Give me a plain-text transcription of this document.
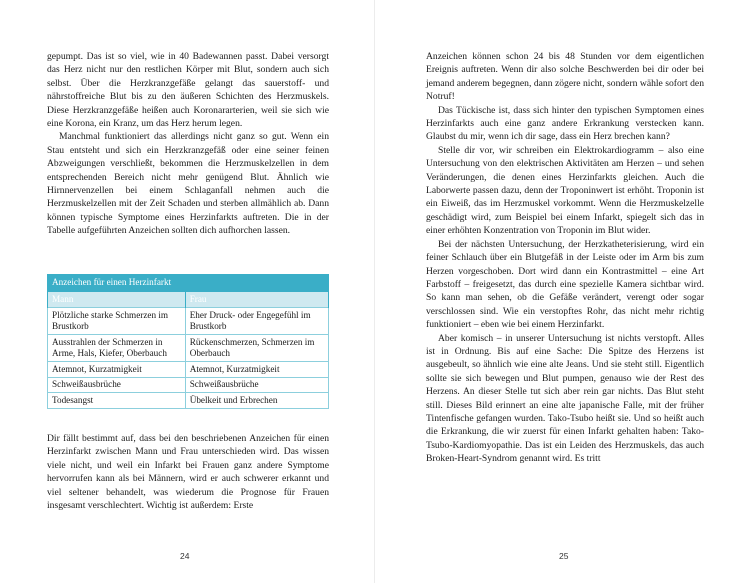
gepumpt. Das ist so viel, wie in 40 Badewannen passt. Dabei versorgt das Herz nicht nur den restlichen Körper mit Blut, sondern auch sich selbst. Über die Herzkranzgefäße gelangt das sauerstoff- und nährstoffreiche Blut bis zu den äußeren Schichten des Herzmuskels. Diese Herzkranzgefäße heißen auch Koronararterien, weil sie sich wie eine Korona, ein Kranz, um das Herz herum legen.

Manchmal funktioniert das allerdings nicht ganz so gut. Wenn ein Stau entsteht und sich ein Herzkranzgefäß oder eine seiner feinen Abzweigungen verschließt, bekommen die Herzmuskelzellen in dem entsprechenden Bereich nicht mehr genügend Blut. Ähnlich wie Hirnnervenzellen bei einem Schlaganfall nehmen auch die Herzmuskelzellen mit der Zeit Schaden und sterben allmählich ab. Dann können typische Symptome eines Herzinfarkts auftreten. Die in der Tabelle aufgeführten Anzeichen sollten dich aufhorchen lassen.

Anzeichen für einen Herzinfarkt	
Mann	Frau
Plötzliche starke Schmerzen im Brustkorb	Eher Druck- oder Engegefühl im Brustkorb
Ausstrahlen der Schmerzen in Arme, Hals, Kiefer, Oberbauch	Rückenschmerzen, Schmerzen im Oberbauch
Atemnot, Kurzatmigkeit	Atemnot, Kurzatmigkeit
Schweißausbrüche	Schweißausbrüche
Todesangst	Übelkeit und Erbrechen

Dir fällt bestimmt auf, dass bei den beschriebenen Anzeichen für einen Herzinfarkt zwischen Mann und Frau unterschieden wird. Das wissen viele nicht, und weil ein Infarkt bei Frauen ganz andere Symptome hervorrufen kann als bei Männern, wird er auch schwerer erkannt und viel seltener behandelt, was wiederum die Prognose für Frauen insgesamt verschlechtert. Wichtig ist außerdem: Erste

24

Anzeichen können schon 24 bis 48 Stunden vor dem eigentlichen Ereignis auftreten. Wenn dir also solche Beschwerden bei dir oder bei jemand anderem begegnen, dann zögere nicht, sondern wähle sofort den Notruf!

Das Tückische ist, dass sich hinter den typischen Symptomen eines Herzinfarkts auch eine ganz andere Erkrankung verstecken kann. Glaubst du mir, wenn ich dir sage, dass ein Herz brechen kann?

Stelle dir vor, wir schreiben ein Elektrokardiogramm – also eine Untersuchung von den elektrischen Aktivitäten am Herzen – und sehen Veränderungen, die denen eines Herzinfarkts gleichen. Auch die Laborwerte passen dazu, denn der Troponinwert ist erhöht. Troponin ist ein Eiweiß, das im Herzmuskel vorkommt. Wenn die Herzmuskelzelle geschädigt wird, zum Beispiel bei einem Infarkt, spiegelt sich das in einer erhöhten Konzentration von Troponin im Blut wider.

Bei der nächsten Untersuchung, der Herzkatheterisierung, wird ein feiner Schlauch über ein Blutgefäß in der Leiste oder im Arm bis zum Herzen vorgeschoben. Dort wird dann ein Kontrastmittel – eine Art Farbstoff – freigesetzt, das durch eine spezielle Kamera sichtbar wird. So kann man sehen, ob die Gefäße verändert, verengt oder sogar verschlossen sind. Wie ein verstopftes Rohr, das nicht mehr richtig funktioniert – eben wie bei einem Herzinfarkt.

Aber komisch – in unserer Untersuchung ist nichts verstopft. Alles ist in Ordnung. Bis auf eine Sache: Die Spitze des Herzens ist ausgebeult, so ähnlich wie eine alte Jeans. Und sie steht still. Eigentlich sollte sie sich bewegen und Blut pumpen, genauso wie der Rest des Herzens. An dieser Stelle tut sich aber rein gar nichts. Das Blut steht still. Dieses Bild erinnert an eine alte japanische Falle, mit der früher Tintenfische gefangen wurden. Tako-Tsubo heißt sie. Und so heißt auch die Erkrankung, die wir zuerst für einen Infarkt gehalten haben: Tako-Tsubo-Kardiomyopathie. Das ist ein Leiden des Herzmuskels, das auch Broken-Heart-Syndrom genannt wird. Es tritt

25
